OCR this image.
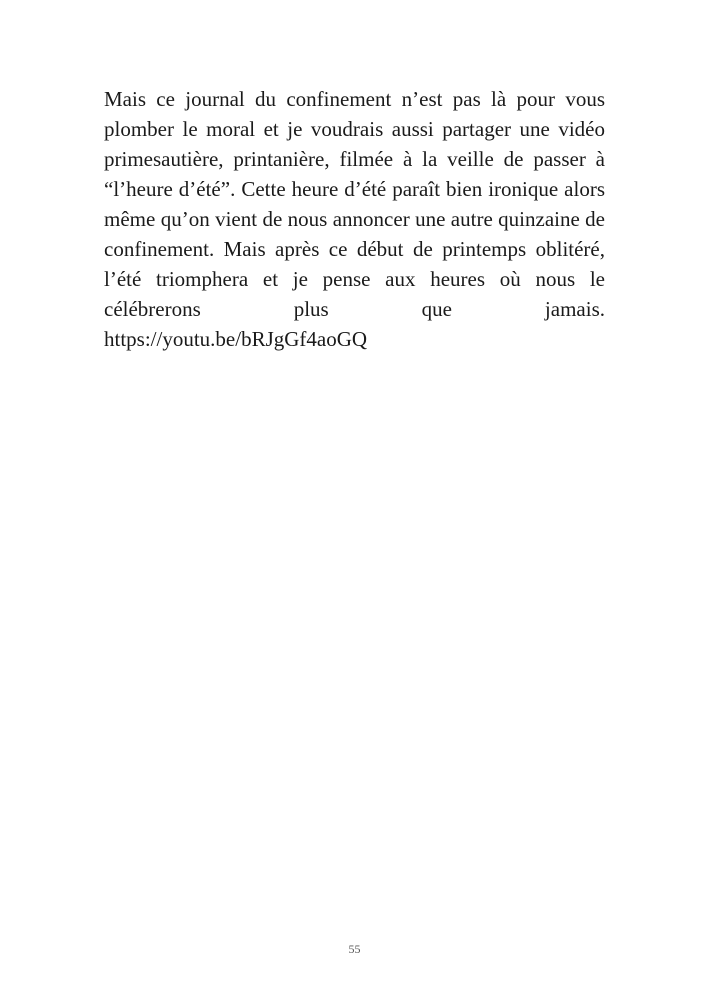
Mais ce journal du confinement n’est pas là pour vous plomber le moral et je voudrais aussi partager une vidéo primesautière, printanière, filmée à la veille de passer à “l’heure d’été”. Cette heure d’été paraît bien ironique alors même qu’on vient de nous annoncer une autre quinzaine de confinement. Mais après ce début de printemps oblitéré, l’été triomphera et je pense aux heures où nous le célébrerons plus que jamais. https://youtu.be/bRJgGf4aoGQ

55
